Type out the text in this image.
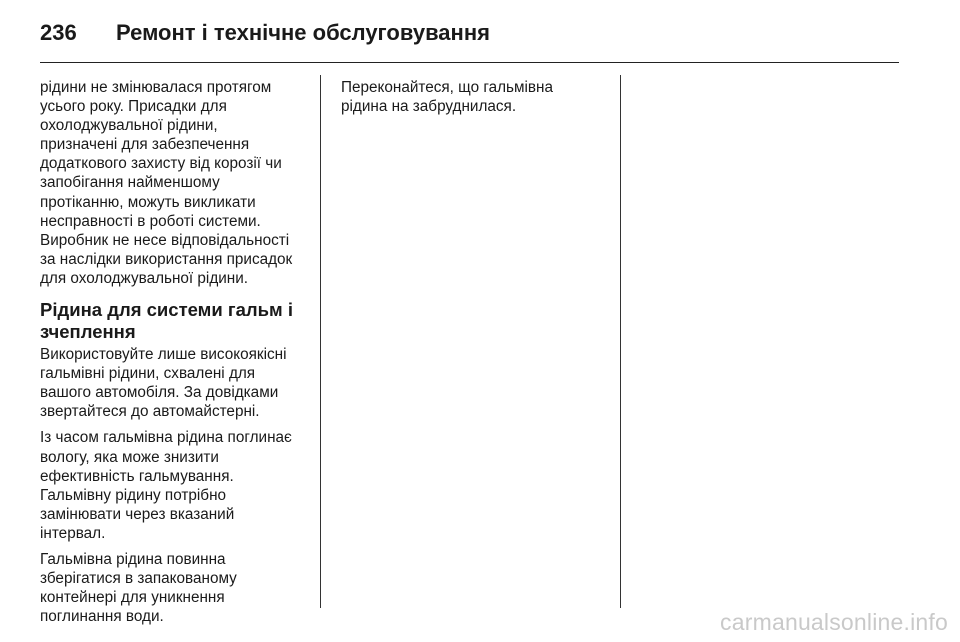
236	Ремонт і технічне обслуговування

рідини не змінювалася протягом
усього року. Присадки для
охолоджувальної рідини,
призначені для забезпечення
додаткового захисту від корозії чи
запобігання найменшому
протіканню, можуть викликати
несправності в роботі системи.
Виробник не несе відповідальності
за наслідки використання присадок
для охолоджувальної рідини.

Рідина для системи гальм і
зчеплення

Використовуйте лише високоякісні
гальмівні рідини, схвалені для
вашого автомобіля. За довідками
звертайтеся до автомайстерні.

Із часом гальмівна рідина поглинає
вологу, яка може знизити
ефективність гальмування.
Гальмівну рідину потрібно
замінювати через вказаний
інтервал.

Гальмівна рідина повинна
зберігатися в запакованому
контейнері для уникнення
поглинання води.

Переконайтеся, що гальмівна
рідина на забруднилася.

carmanualsonline.info
